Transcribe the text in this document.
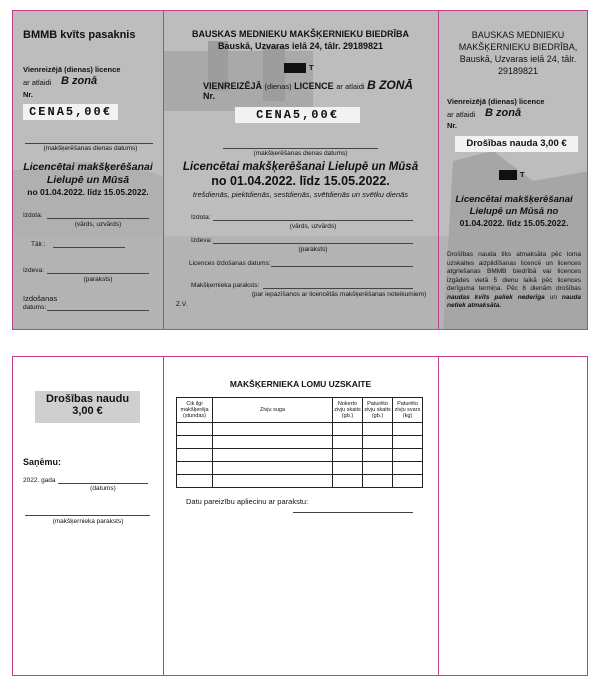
BMMB kvīts pasaknis
Vienreizējā (dienas) licence
ar atlaidi B zonā
Nr.
CENA5,00€
(makšķerēšanas dienas datums)
Licencētai makšķerēšanai
Lielupē un Mūsā
no 01.04.2022. līdz 15.05.2022.
Izdota:
(vārds, uzvārds)
Tālr.:
Izdeva:
(paraksts)
Izdošanas
datums:
BAUSKAS MEDNIEKU MAKŠĶERNIEKU BIEDRĪBA
Bauskā, Uzvaras ielā 24, tālr. 29189821
T
VIENREIZĒJĀ (dienas) LICENCE ar atlaidi B ZONĀ
Nr.
CENA5,00€
(makšķerēšanas dienas datums)
Licencētai makšķerēšanai Lielupē un Mūsā
no 01.04.2022. līdz 15.05.2022.
trešdienās, piektdienās, sestdienās, svētdienās un svētku dienās
Izdota:
(vārds, uzvārds)
Izdeva:
(paraksts)
Licences izdošanas datums:
Makšķernieka paraksts:
(par iepazīšanos ar licencētās makšķerēšanas noteikumiem)
Z.V.
BAUSKAS MEDNIEKU MAKŠĶERNIEKU BIEDRĪBA,
Bauskā, Uzvaras ielā 24, tālr. 29189821
Vienreizējā (dienas) licence
ar atlaidi B zonā
Nr.
Drošības nauda 3,00 €
T
Licencētai makšķerēšanai
Lielupē un Mūsā no
01.04.2022. līdz 15.05.2022.
Drošības nauda tiks atmaksāta pēc loma uzskaites aizpildīšanas licencē un licences atgriešanas BMMB biedrībā vai licences izgādes vietā 5 dienu laikā pēc licences derīguma termiņa. Pēc 8 dienām drošības naudas kvīts paliek nederīga un nauda netiek atmaksāta.
Drošības naudu
3,00 €
Saņēmu:
2022. gada
(datums)
(makšķernieka paraksts)
MAKŠĶERNIEKA LOMU UZSKAITE
Cik ilgi makšķerēja (stundas)	Zivju suga	Nokerto zivju skaits (gb.)	Paturēto zivju skaits (gb.)	Paturēto zivju svars (kg)

Datu pareizību apliecinu ar parakstu:
